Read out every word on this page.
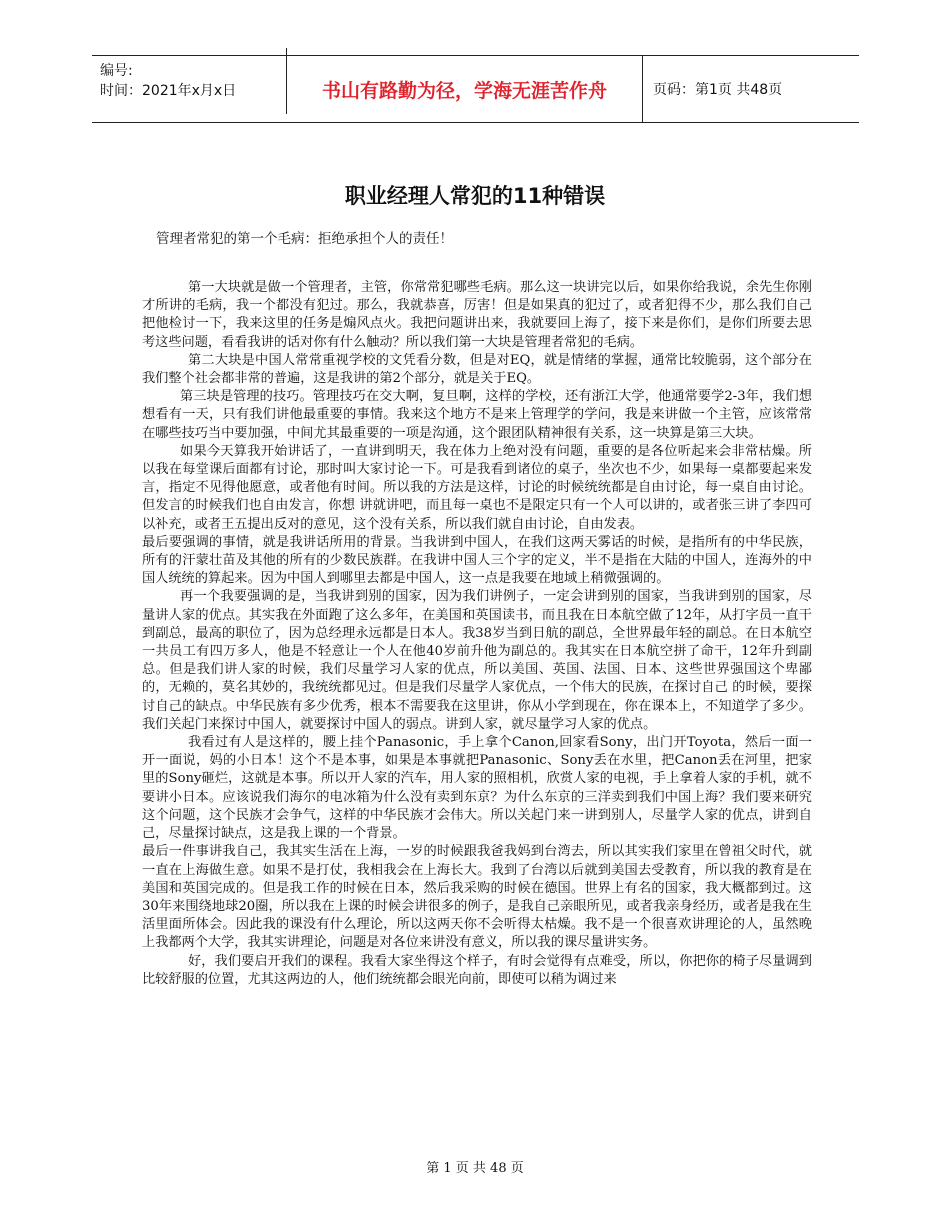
编号:
时间：2021年x月x日	书山有路勤为径，学海无涯苦作舟	页码：第1页 共48页
职业经理人常犯的11种错误
管理者常犯的第一个毛病：拒绝承担个人的责任！

第一大块就是做一个管理者，主管，你常常犯哪些毛病。那么这一块讲完以后，如果你给我说，余先生你刚才所讲的毛病，我一个都没有犯过。那么，我就恭喜，厉害！但是如果真的犯过了，或者犯得不少，那么我们自己把他检讨一下，我来这里的任务是煽风点火。我把问题讲出来，我就要回上海了，接下来是你们，是你们所要去思考这些问题，看看我讲的话对你有什么触动？所以我们第一大块是管理者常犯的毛病。

第二大块是中国人常常重视学校的文凭看分数，但是对EQ，就是情绪的掌握，通常比较脆弱，这个部分在我们整个社会都非常的普遍，这是我讲的第2个部分，就是关于EQ。

第三块是管理的技巧。管理技巧在交大啊，复旦啊，这样的学校，还有浙江大学，他通常要学2-3年，我们想想看有一天，只有我们讲他最重要的事情。我来这个地方不是来上管理学的学问，我是来讲做一个主管，应该常常在哪些技巧当中要加强，中间尤其最重要的一项是沟通，这个跟团队精神很有关系，这一块算是第三大块。

如果今天算我开始讲话了，一直讲到明天，我在体力上绝对没有问题，重要的是各位听起来会非常枯燥。所以我在每堂课后面都有讨论，那时叫大家讨论一下。可是我看到诸位的桌子，坐次也不少，如果每一桌都要起来发言，指定不见得他愿意，或者他有时间。所以我的方法是这样，讨论的时候统统都是自由讨论，每一桌自由讨论。但发言的时候我们也自由发言，你想 讲就讲吧，而且每一桌也不是限定只有一个人可以讲的，或者张三讲了李四可以补充，或者王五提出反对的意见，这个没有关系，所以我们就自由讨论，自由发表。

最后要强调的事情，就是我讲话所用的背景。当我讲到中国人，在我们这两天雾话的时候，是指所有的中华民族，所有的汗蒙壮苗及其他的所有的少数民族群。在我讲中国人三个字的定义，半不是指在大陆的中国人，连海外的中国人统统的算起来。因为中国人到哪里去都是中国人，这一点是我要在地域上稍微强调的。

再一个我要强调的是，当我讲到别的国家，因为我们讲例子，一定会讲到别的国家，当我讲到别的国家，尽量讲人家的优点。其实我在外面跑了这么多年，在美国和英国读书，而且我在日本航空做了12年，从打字员一直干到副总，最高的职位了，因为总经理永远都是日本人。我38岁当到日航的副总，全世界最年轻的副总。在日本航空一共员工有四万多人，他是不轻意让一个人在他40岁前升他为副总的。我其实在日本航空拼了命干，12年升到副总。但是我们讲人家的时候，我们尽量学习人家的优点，所以美国、英国、法国、日本、这些世界强国这个卑鄙的，无赖的，莫名其妙的，我统统都见过。但是我们尽量学人家优点，一个伟大的民族，在探讨自己 的时候，要探讨自己的缺点。中华民族有多少优秀，根本不需要我在这里讲，你从小学到现在，你在课本上，不知道学了多少。我们关起门来探讨中国人，就要探讨中国人的弱点。讲到人家，就尽量学习人家的优点。

我看过有人是这样的，腰上挂个Panasonic，手上拿个Canon,回家看Sony，出门开Toyota，然后一面一开一面说，妈的小日本！这个不是本事，如果是本事就把Panasonic、Sony丢在水里，把Canon丢在河里，把家里的Sony砸烂，这就是本事。所以开人家的汽车，用人家的照相机，欣赏人家的电视，手上拿着人家的手机，就不要讲小日本。应该说我们海尔的电冰箱为什么没有卖到东京？为什么东京的三洋卖到我们中国上海？我们要来研究这个问题，这个民族才会争气，这样的中华民族才会伟大。所以关起门来一讲到别人，尽量学人家的优点，讲到自己，尽量探讨缺点，这是我上课的一个背景。

最后一件事讲我自己，我其实生活在上海，一岁的时候跟我爸我妈到台湾去，所以其实我们家里在曾祖父时代，就一直在上海做生意。如果不是打仗，我相我会在上海长大。我到了台湾以后就到美国去受教育，所以我的教育是在美国和英国完成的。但是我工作的时候在日本，然后我采购的时候在德国。世界上有名的国家，我大概都到过。这30年来围绕地球20圈，所以我在上课的时候会讲很多的例子，是我自己亲眼所见，或者我亲身经历，或者是我在生活里面所体会。因此我的课没有什么理论，所以这两天你不会听得太枯燥。我不是一个很喜欢讲理论的人，虽然晚上我都两个大学，我其实讲理论，问题是对各位来讲没有意义，所以我的课尽量讲实务。

好，我们要启开我们的课程。我看大家坐得这个样子，有时会觉得有点难受，所以，你把你的椅子尽量调到比较舒服的位置，尤其这两边的人，他们统统都会眼光向前，即使可以稍为调过来

第 1 页 共 48 页
